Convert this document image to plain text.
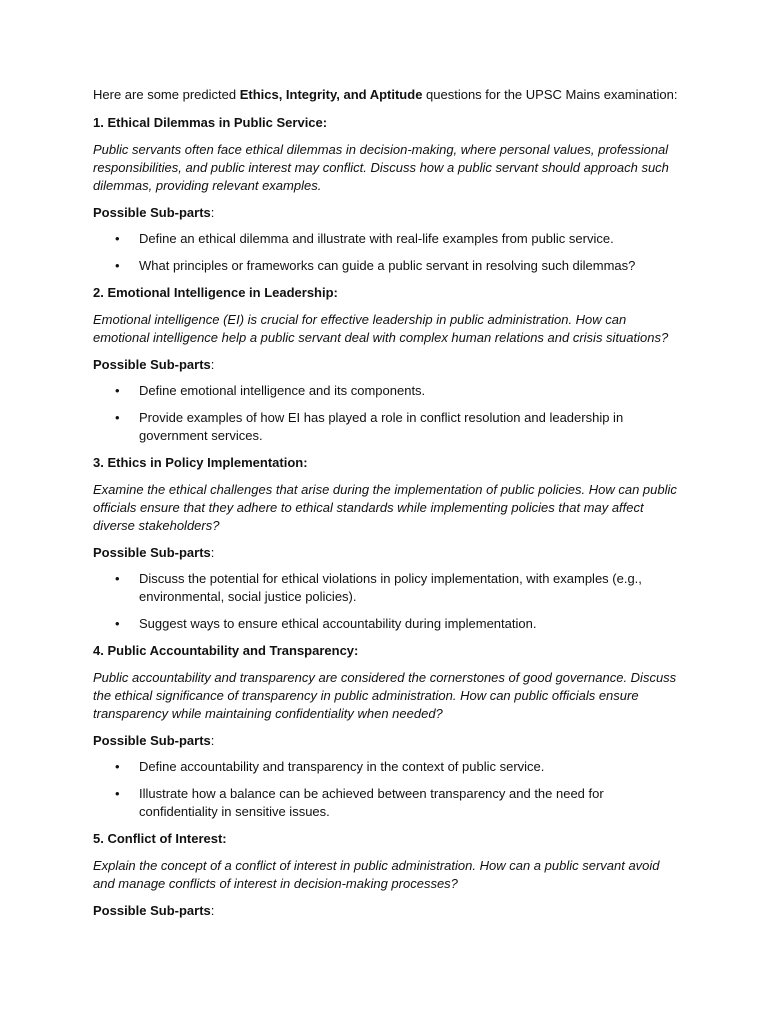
Here are some predicted Ethics, Integrity, and Aptitude questions for the UPSC Mains examination:

1. Ethical Dilemmas in Public Service:

Public servants often face ethical dilemmas in decision-making, where personal values, professional responsibilities, and public interest may conflict. Discuss how a public servant should approach such dilemmas, providing relevant examples.

Possible Sub-parts:

• Define an ethical dilemma and illustrate with real-life examples from public service.
• What principles or frameworks can guide a public servant in resolving such dilemmas?

2. Emotional Intelligence in Leadership:

Emotional intelligence (EI) is crucial for effective leadership in public administration. How can emotional intelligence help a public servant deal with complex human relations and crisis situations?

Possible Sub-parts:

• Define emotional intelligence and its components.
• Provide examples of how EI has played a role in conflict resolution and leadership in government services.

3. Ethics in Policy Implementation:

Examine the ethical challenges that arise during the implementation of public policies. How can public officials ensure that they adhere to ethical standards while implementing policies that may affect diverse stakeholders?

Possible Sub-parts:

• Discuss the potential for ethical violations in policy implementation, with examples (e.g., environmental, social justice policies).
• Suggest ways to ensure ethical accountability during implementation.

4. Public Accountability and Transparency:

Public accountability and transparency are considered the cornerstones of good governance. Discuss the ethical significance of transparency in public administration. How can public officials ensure transparency while maintaining confidentiality when needed?

Possible Sub-parts:

• Define accountability and transparency in the context of public service.
• Illustrate how a balance can be achieved between transparency and the need for confidentiality in sensitive issues.

5. Conflict of Interest:

Explain the concept of a conflict of interest in public administration. How can a public servant avoid and manage conflicts of interest in decision-making processes?

Possible Sub-parts:
